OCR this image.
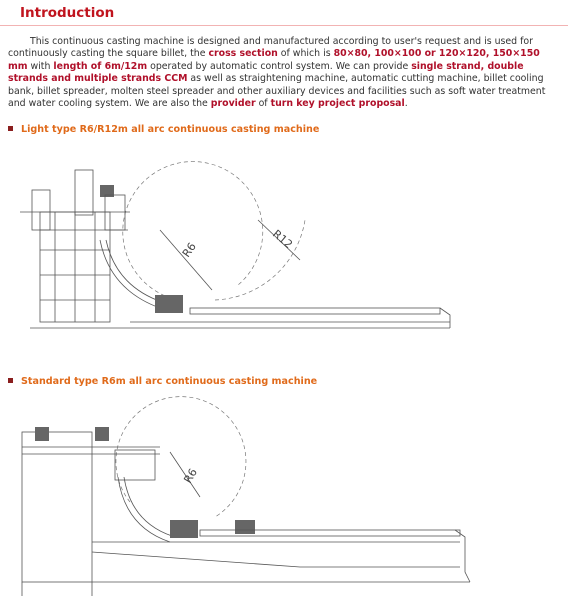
Introduction
This continuous casting machine is designed and manufactured according to user's request and is used for continuously casting the square billet, the cross section of which is 80×80, 100×100 or 120×120, 150×150 mm with length of 6m/12m operated by automatic control system. We can provide single strand, double strands and multiple strands CCM as well as straightening machine, automatic cutting machine, billet cooling bank, billet spreader, molten steel spreader and other auxiliary devices and facilities such as soft water treatment and water cooling system. We are also the provider of turn key project proposal.
Light type R6/R12m all arc continuous casting machine
R6	R12
Standard type R6m all arc continuous casting machine
R6
